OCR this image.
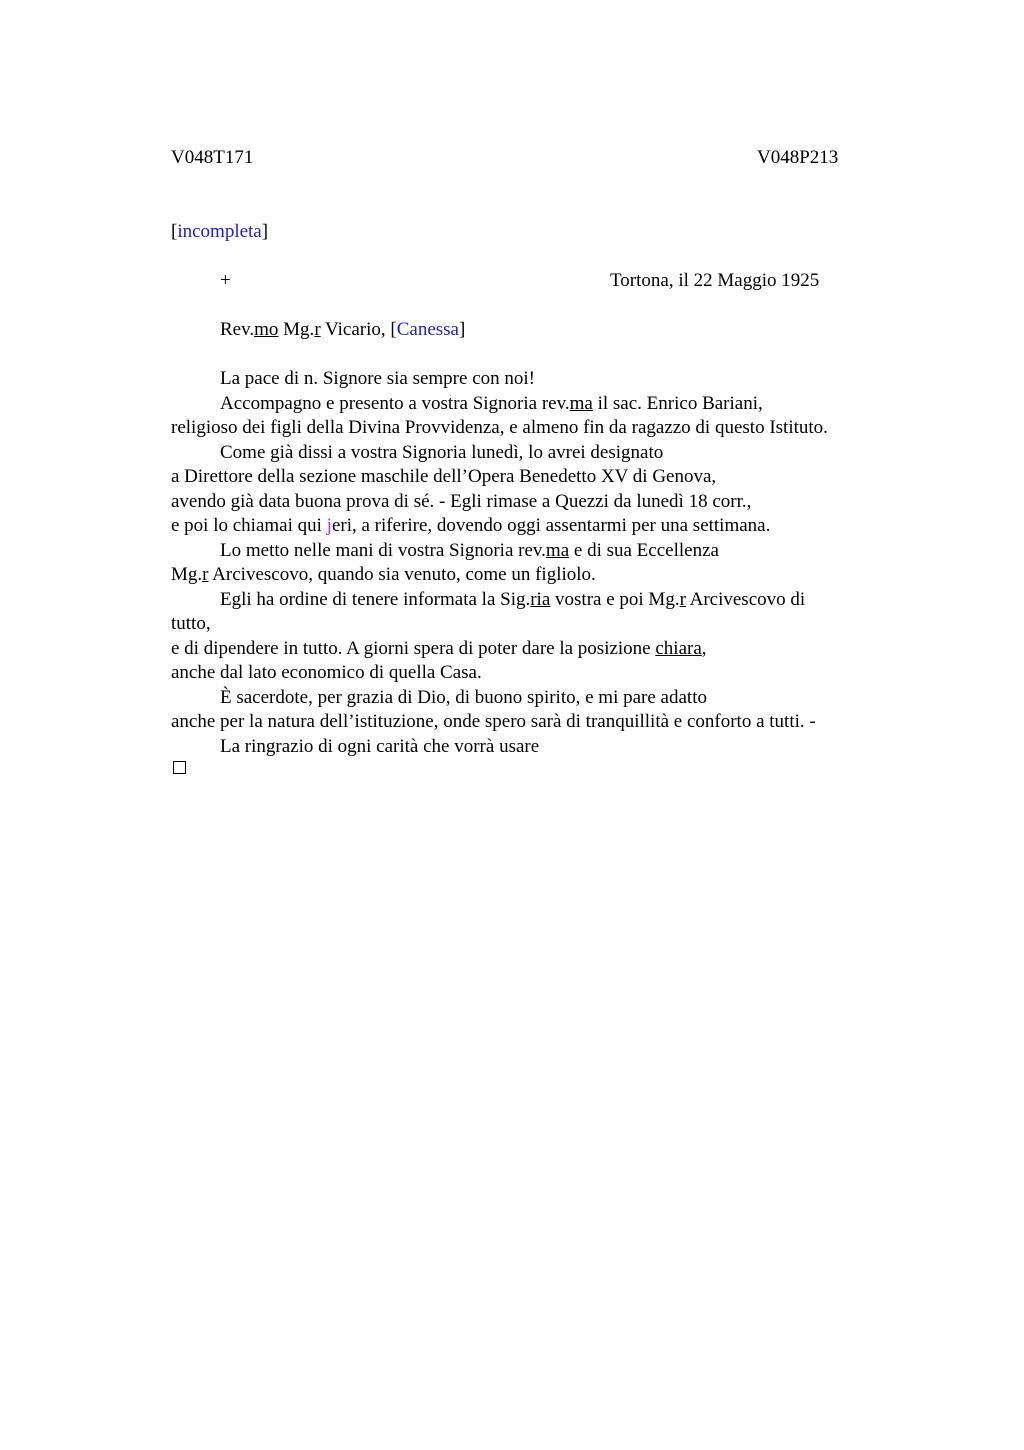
V048T171	V048P213
[incompleta]
+	Tortona, il 22 Maggio 1925
Rev.mo Mg.r Vicario, [Canessa]
La pace di n. Signore sia sempre con noi!
Accompagno e presento a vostra Signoria rev.ma il sac. Enrico Bariani,
religioso dei figli della Divina Provvidenza, e almeno fin da ragazzo di questo Istituto.
Come già dissi a vostra Signoria lunedì, lo avrei designato
a Direttore della sezione maschile dell’Opera Benedetto XV di Genova,
avendo già data buona prova di sé. - Egli rimase a Quezzi da lunedì 18 corr.,
e poi lo chiamai qui jeri, a riferire, dovendo oggi assentarmi per una settimana.
Lo metto nelle mani di vostra Signoria rev.ma e di sua Eccellenza
Mg.r Arcivescovo, quando sia venuto, come un figliolo.
Egli ha ordine di tenere informata la Sig.ria vostra e poi Mg.r Arcivescovo di
tutto,
e di dipendere in tutto. A giorni spera di poter dare la posizione chiara,
anche dal lato economico di quella Casa.
È sacerdote, per grazia di Dio, di buono spirito, e mi pare adatto
anche per la natura dell’istituzione, onde spero sarà di tranquillità e conforto a tutti. -
La ringrazio di ogni carità che vorrà usare
